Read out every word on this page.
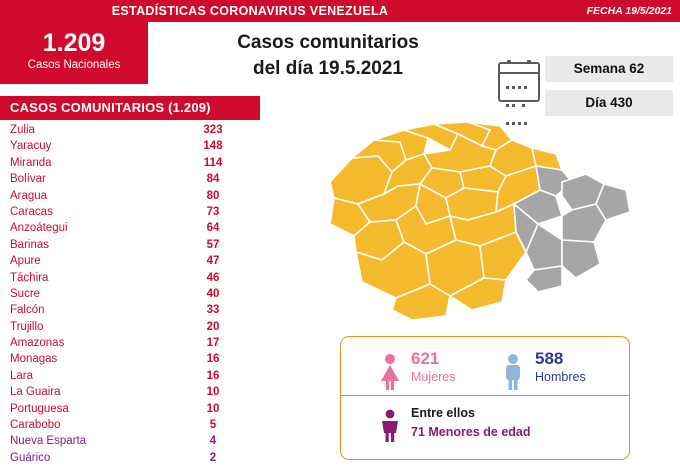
ESTADÍSTICAS CORONAVIRUS VENEZUELA	FECHA 19/5/2021
1.209
Casos Nacionales
Casos comunitarios
del día 19.5.2021
	Semana 62
Día 430
CASOS COMUNITARIOS (1.209)
Zulia	323
Yaracuy	148
Miranda	114
Bolívar	84
Aragua	80
Caracas	73
Anzoátegui	64
Barinas	57
Apure	47
Táchira	46
Sucre	40
Falcón	33
Trujillo	20
Amazonas	17
Monagas	16
Lara	16
La Guaira	10
Portuguesa	10
Carabobo	5
Nueva Esparta	4
Guárico	2
621
Mujeres
588
Hombres
Entre ellos
71 Menores de edad
